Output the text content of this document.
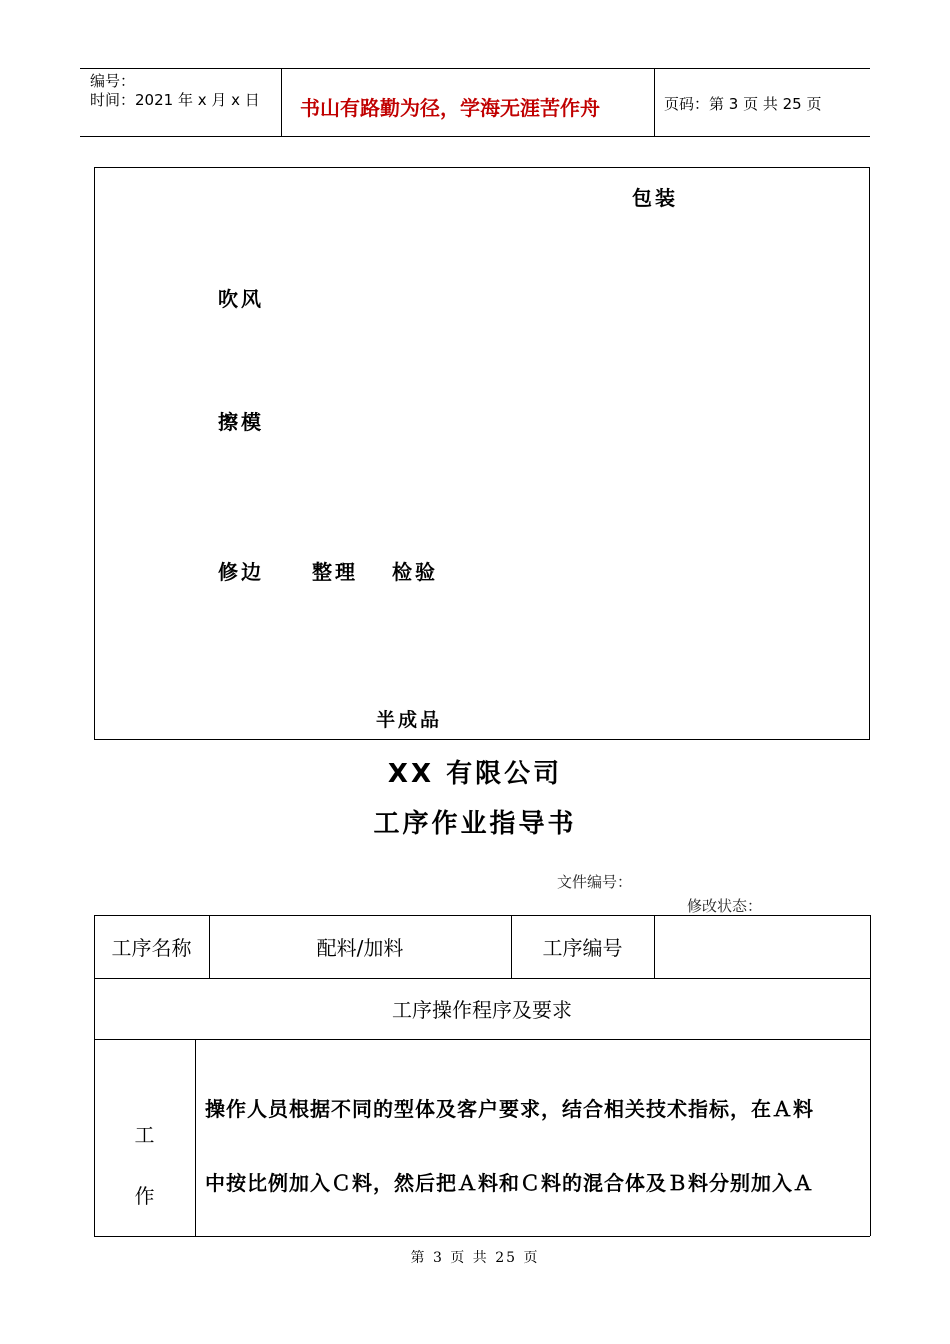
编号：
时间：2021 年 x 月 x 日 书山有路勤为径，学海无涯苦作舟	页码：第 3 页 共 25 页
包装
吹风
擦模
修边 整理 检验
半成品
XX 有限公司
工序作业指导书
文件编号：
修改状态：
工序名称	配料/加料	工序编号
工序操作程序及要求
工
作
操作人员根据不同的型体及客户要求，结合相关技术指标，在Ａ料
中按比例加入Ｃ料，然后把Ａ料和Ｃ料的混合体及Ｂ料分别加入Ａ
第 3 页 共 25 页
